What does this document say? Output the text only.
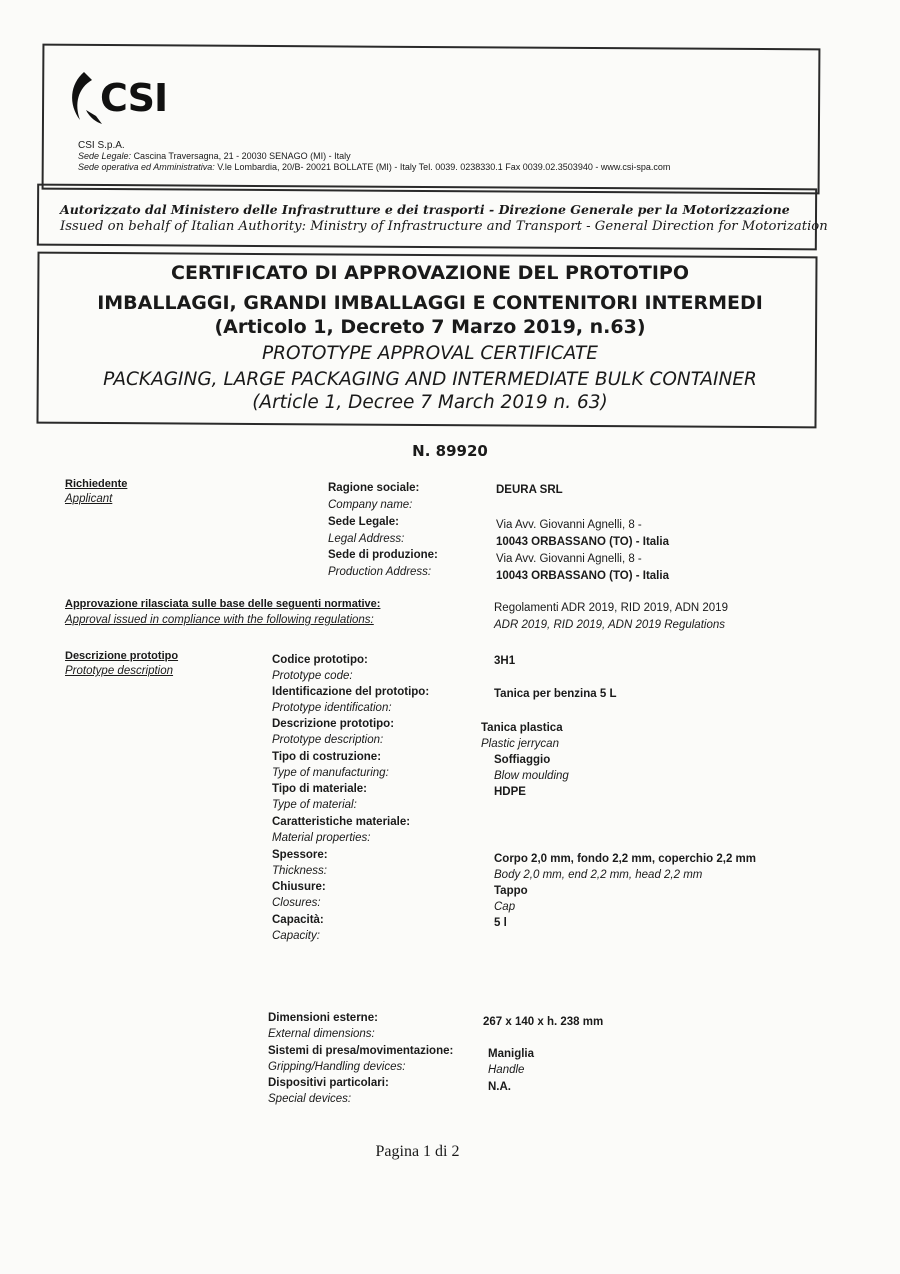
CSI
CSI S.p.A.
Sede Legale: Cascina Traversagna, 21 - 20030 SENAGO (MI) - Italy
Sede operativa ed Amministrativa: V.le Lombardia, 20/B- 20021 BOLLATE (MI) - Italy Tel. 0039. 0238330.1 Fax 0039.02.3503940 - www.csi-spa.com
Autorizzato dal Ministero delle Infrastrutture e dei trasporti - Direzione Generale per la Motorizzazione
Issued on behalf of Italian Authority: Ministry of Infrastructure and Transport - General Direction for Motorization
CERTIFICATO DI APPROVAZIONE DEL PROTOTIPO
IMBALLAGGI, GRANDI IMBALLAGGI E CONTENITORI INTERMEDI
(Articolo 1, Decreto 7 Marzo 2019, n.63)
PROTOTYPE APPROVAL CERTIFICATE
PACKAGING, LARGE PACKAGING AND INTERMEDIATE BULK CONTAINER
(Article 1, Decree 7 March 2019 n. 63)
N. 89920
Richiedente
Applicant
Ragione sociale:	DEURA SRL
Company name:
Sede Legale:	Via Avv. Giovanni Agnelli, 8 -
Legal Address:	10043 ORBASSANO (TO) - Italia
Sede di produzione:	Via Avv. Giovanni Agnelli, 8 -
Production Address:	10043 ORBASSANO (TO) - Italia
Approvazione rilasciata sulle base delle seguenti normative:
Approval issued in compliance with the following regulations:
Regolamenti ADR 2019, RID 2019, ADN 2019
ADR 2019, RID 2019, ADN 2019 Regulations
Descrizione prototipo
Prototype description
Codice prototipo:	3H1
Prototype code:
Identificazione del prototipo:	Tanica per benzina 5 L
Prototype identification:
Descrizione prototipo:	Tanica plastica
Prototype description:	Plastic jerrycan
Tipo di costruzione:	Soffiaggio
Type of manufacturing:	Blow moulding
Tipo di materiale:	HDPE
Type of material:
Caratteristiche materiale:
Material properties:
Spessore:	Corpo 2,0 mm, fondo 2,2 mm, coperchio 2,2 mm
Thickness:	Body 2,0 mm, end 2,2 mm, head 2,2 mm
Chiusure:	Tappo
Closures:	Cap
Capacità:	5 l
Capacity:
Dimensioni esterne:	267 x 140 x h. 238 mm
External dimensions:
Sistemi di presa/movimentazione:	Maniglia
Gripping/Handling devices:	Handle
Dispositivi particolari:	N.A.
Special devices:
Pagina 1 di 2
